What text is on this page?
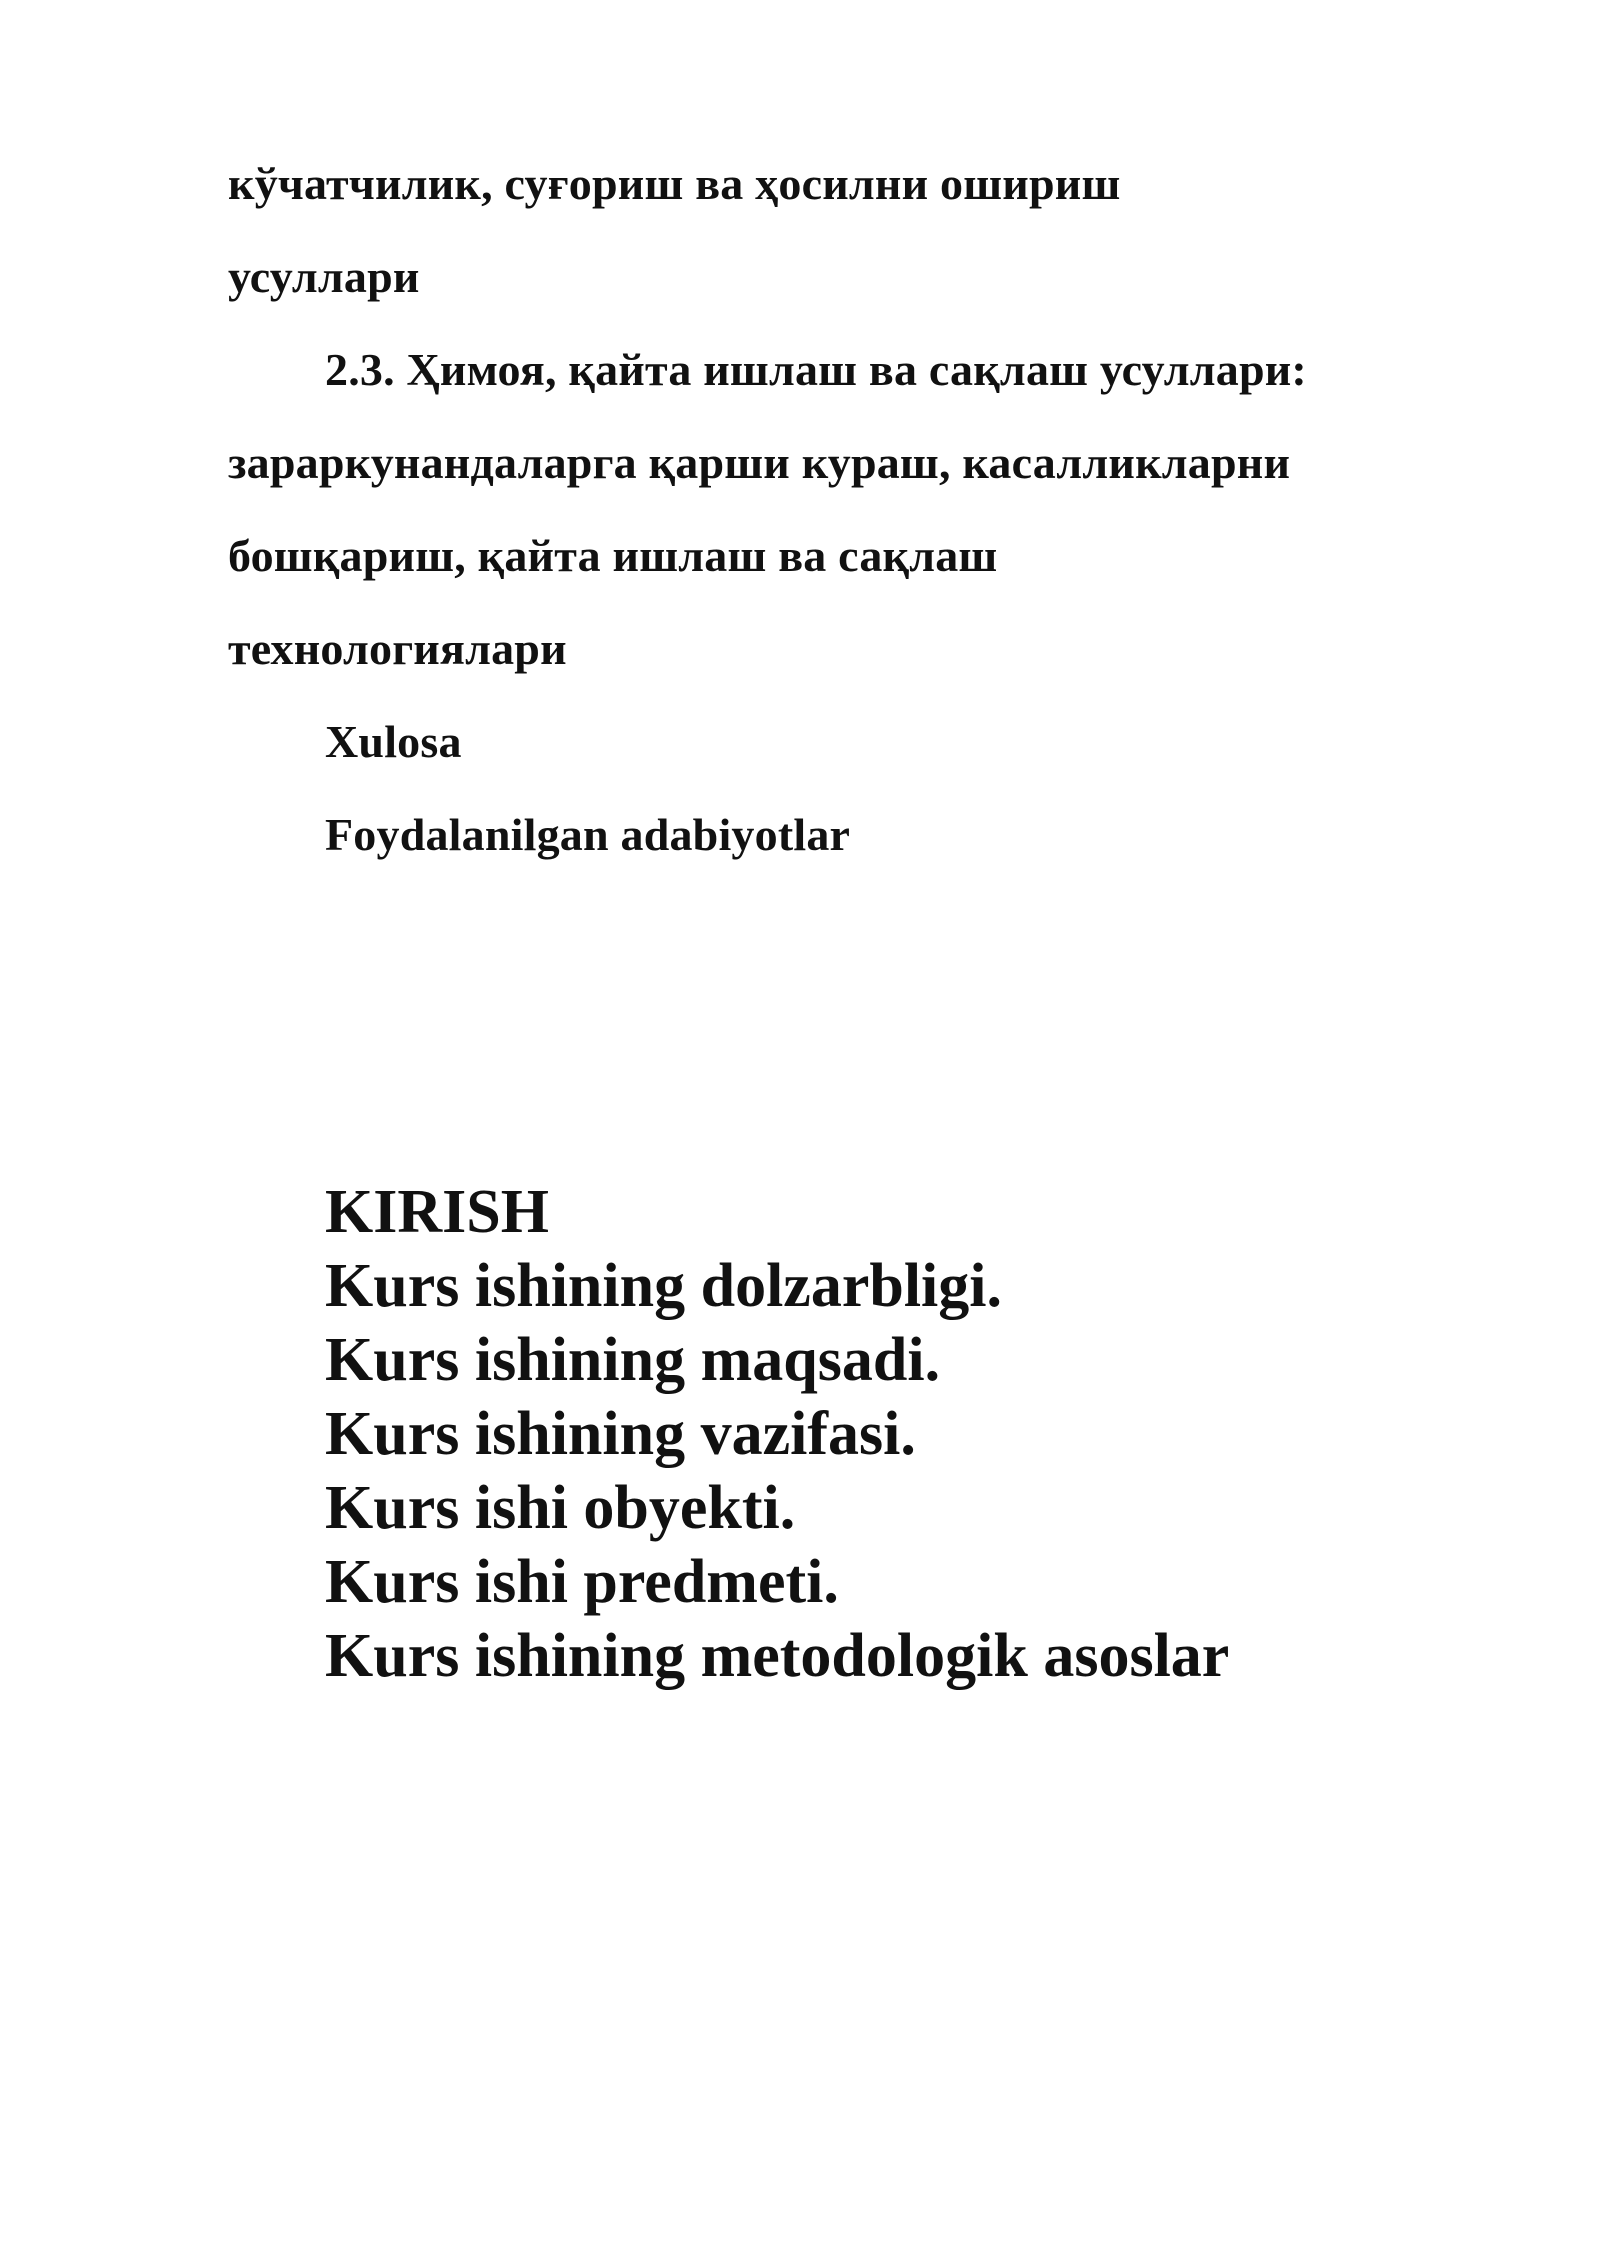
кўчатчилик, суғориш ва ҳосилни ошириш
усуллари
2.3. Ҳимоя, қайта ишлаш ва сақлаш усуллари:
зараркунандаларга қарши кураш, касалликларни
бошқариш, қайта ишлаш ва сақлаш
технологиялари
Xulosa
Foydalanilgan adabiyotlar
KIRISH
Kurs ishining dolzarbligi.
Kurs ishining maqsadi.
Kurs ishining vazifasi.
Kurs ishi obyekti.
Kurs ishi predmeti.
Kurs ishining metodologik asoslar
